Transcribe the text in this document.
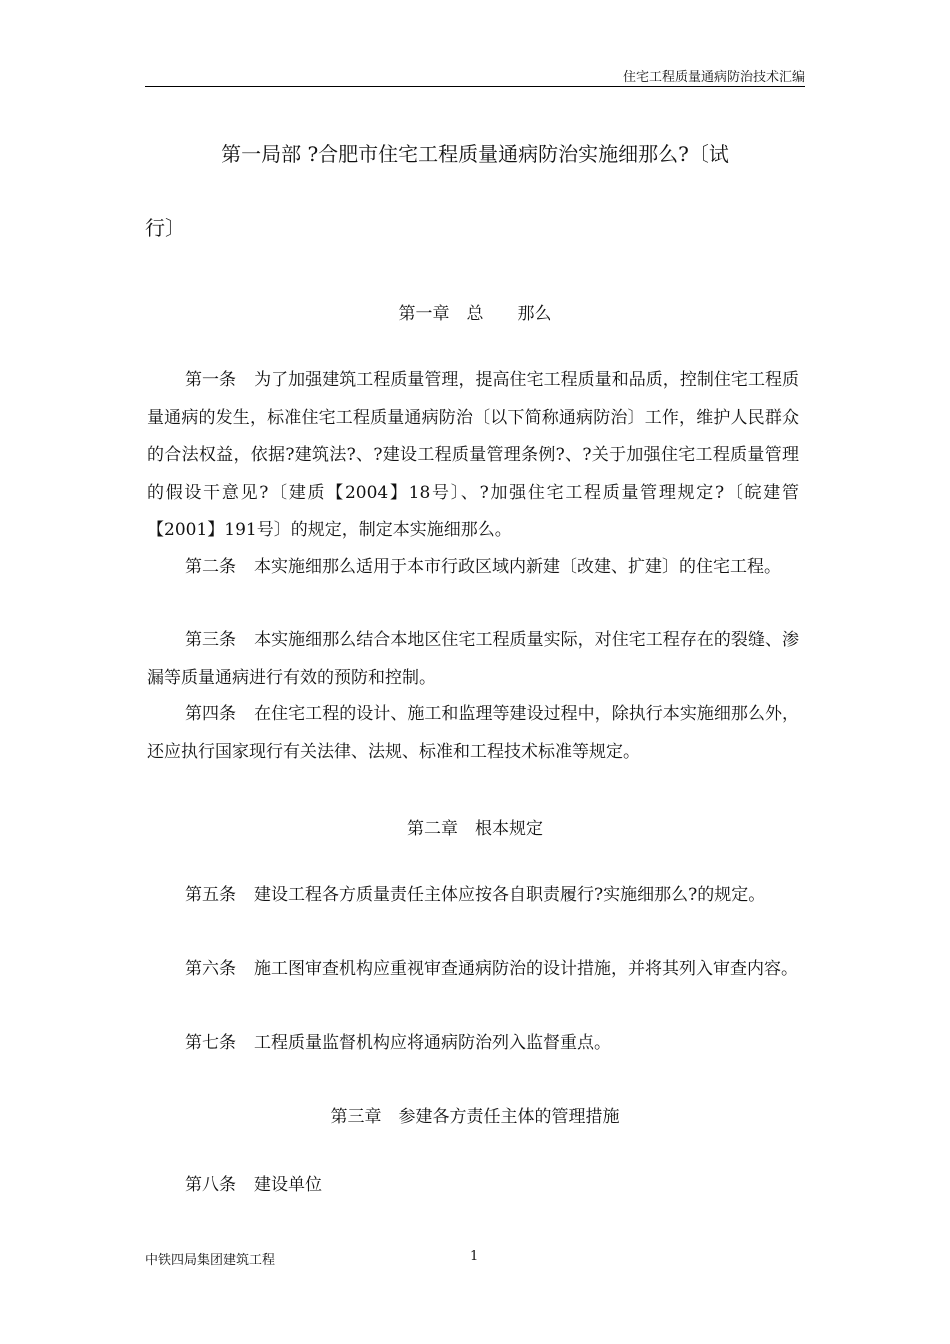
住宅工程质量通病防治技术汇编
第一局部 ?合肥市住宅工程质量通病防治实施细那么?〔试
行〕
第一章　总　　那么
第一条 为了加强建筑工程质量管理，提高住宅工程质量和品质，控制住宅工程质量通病的发生，标准住宅工程质量通病防治〔以下简称通病防治〕工作，维护人民群众的合法权益，依据?建筑法?、?建设工程质量管理条例?、?关于加强住宅工程质量管理的假设干意见?〔建质【2004】18号〕、?加强住宅工程质量管理规定?〔皖建管【2001】191号〕的规定，制定本实施细那么。
第二条 本实施细那么适用于本市行政区域内新建〔改建、扩建〕的住宅工程。
第三条 本实施细那么结合本地区住宅工程质量实际，对住宅工程存在的裂缝、渗漏等质量通病进行有效的预防和控制。
第四条 在住宅工程的设计、施工和监理等建设过程中，除执行本实施细那么外，还应执行国家现行有关法律、法规、标准和工程技术标准等规定。
第二章　根本规定
第五条 建设工程各方质量责任主体应按各自职责履行?实施细那么?的规定。
第六条 施工图审查机构应重视审查通病防治的设计措施，并将其列入审查内容。
第七条 工程质量监督机构应将通病防治列入监督重点。
第三章　参建各方责任主体的管理措施
第八条 建设单位
中铁四局集团建筑工程	1
